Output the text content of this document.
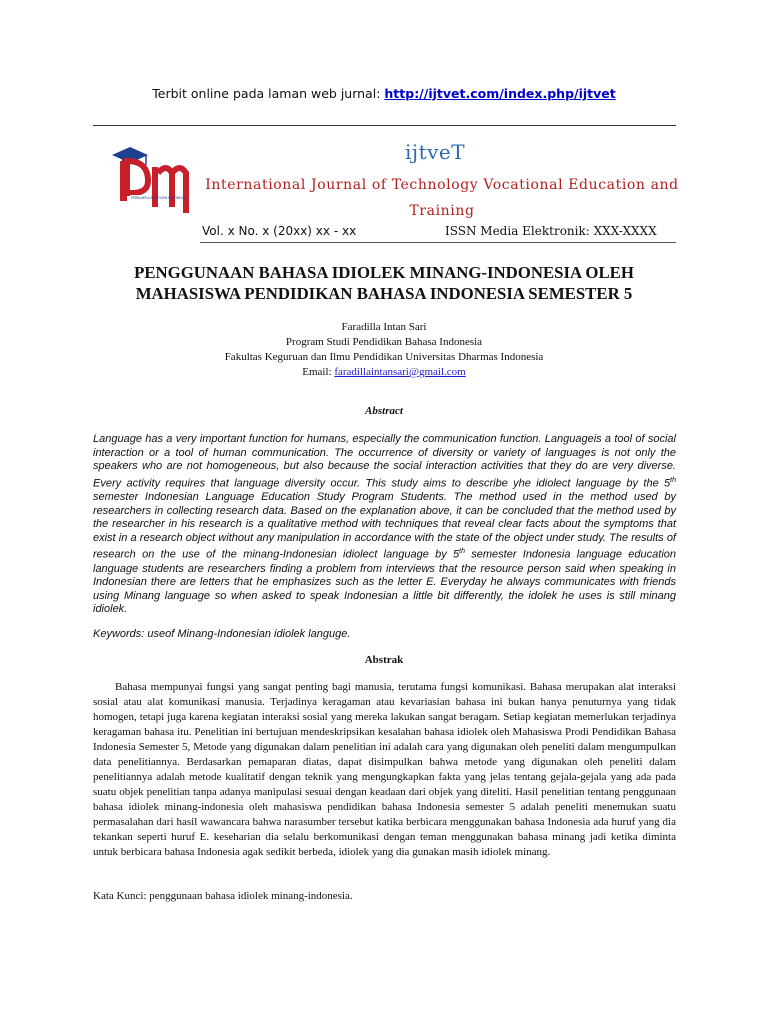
Terbit online pada laman web jurnal: http://ijtvet.com/index.php/ijtvet
PERKUMPULAN DOSEN INDONESIA
ijtveT
International Journal of Technology Vocational Education and Training
Vol. x No. x (20xx) xx - xx	ISSN Media Elektronik: XXX-XXXX
PENGGUNAAN BAHASA IDIOLEK MINANG-INDONESIA OLEH MAHASISWA PENDIDIKAN BAHASA INDONESIA SEMESTER 5
Faradilla Intan Sari
Program Studi Pendidikan Bahasa Indonesia
Fakultas Keguruan dan Ilmu Pendidikan Universitas Dharmas Indonesia
Email: faradillaintansari@gmail.com
Abstract
Language has a very important function for humans, especially the communication function. Languageis a tool of social interaction or a tool of human communication. The occurrence of diversity or variety of languages is not only the speakers who are not homogeneous, but also because the social interaction activities that they do are very diverse. Every activity requires that language diversity occur. This study aims to describe yhe idiolect language by the 5th semester Indonesian Language Education Study Program Students. The method used in the method used by researchers in collecting research data. Based on the explanation above, it can be concluded that the method used by the researcher in his research is a qualitative method with techniques that reveal clear facts about the symptoms that exist in a research object without any manipulation in accordance with the state of the object under study. The results of research on the use of the minang-Indonesian idiolect language by 5th semester Indonesia language education language students are researchers finding a problem from interviews that the resource person said when speaking in Indonesian there are letters that he emphasizes such as the letter E. Everyday he always communicates with friends using Minang language so when asked to speak Indonesian a little bit differently, the idolek he uses is still minang idiolek.
Keywords: useof Minang-Indonesian idiolek languge.
Abstrak
Bahasa mempunyai fungsi yang sangat penting bagi manusia, terutama fungsi komunikasi. Bahasa merupakan alat interaksi sosial atau alat komunikasi manusia. Terjadinya keragaman atau kevariasian bahasa ini bukan hanya penuturnya yang tidak homogen, tetapi juga karena kegiatan interaksi sosial yang mereka lakukan sangat beragam. Setiap kegiatan memerlukan terjadinya keragaman bahasa itu. Penelitian ini bertujuan mendeskripsikan kesalahan bahasa idiolek oleh Mahasiswa Prodi Pendidikan Bahasa Indonesia Semester 5, Metode yang digunakan dalam penelitian ini adalah cara yang digunakan oleh peneliti dalam mengumpulkan data penelitiannya. Berdasarkan pemaparan diatas, dapat disimpulkan bahwa metode yang digunakan oleh peneliti dalam penelitiannya adalah metode kualitatif dengan teknik yang mengungkapkan fakta yang jelas tentang gejala-gejala yang ada pada suatu objek penelitian tanpa adanya manipulasi sesuai dengan keadaan dari objek yang diteliti. Hasil penelitian tentang penggunaan bahasa idiolek minang-indonesia oleh mahasiswa pendidikan bahasa Indonesia semester 5 adalah peneliti menemukan suatu permasalahan dari hasil wawancara bahwa narasumber tersebut katika berbicara menggunakan bahasa Indonesia ada huruf yang dia tekankan seperti huruf E. keseharian dia selalu berkomunikasi dengan teman menggunakan bahasa minang jadi ketika diminta untuk berbicara bahasa Indonesia agak sedikit berbeda, idiolek yang dia gunakan masih idiolek minang.
Kata Kunci: penggunaan bahasa idiolek minang-indonesia.
